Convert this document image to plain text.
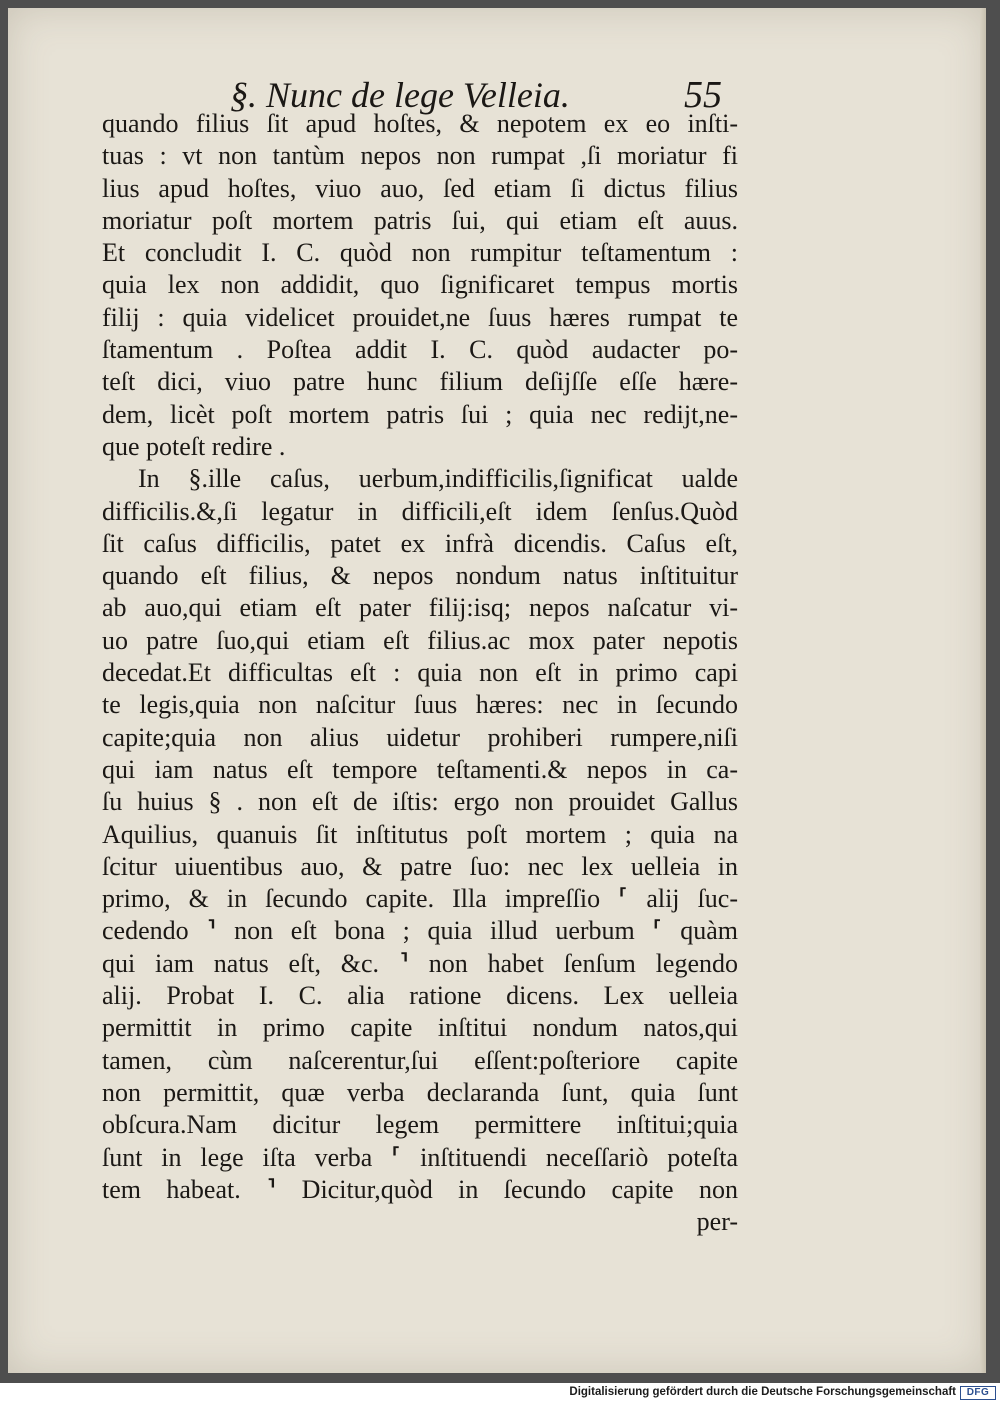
§. Nunc de lege Velleia.	55
quando filius ſit apud hoſtes, & nepotem ex eo inſti-
tuas : vt non tantùm nepos non rumpat ,ſi moriatur fi
lius apud hoſtes, viuo auo, ſed etiam ſi dictus filius
moriatur poſt mortem patris ſui, qui etiam eſt auus.
Et concludit I. C. quòd non rumpitur teſtamentum :
quia lex non addidit, quo ſignificaret tempus mortis
filij : quia videlicet prouidet,ne ſuus hæres rumpat te
ſtamentum . Poſtea addit I. C. quòd audacter po-
teſt dici, viuo patre hunc filium deſijſſe eſſe hære-
dem, licèt poſt mortem patris ſui ; quia nec redijt,ne-
que poteſt redire .
In §.ille caſus, uerbum,indifficilis,ſignificat ualde
difficilis.&,ſi legatur in difficili,eſt idem ſenſus.Quòd
ſit caſus difficilis, patet ex infrà dicendis. Caſus eſt,
quando eſt filius, & nepos nondum natus inſtituitur
ab auo,qui etiam eſt pater filij:isq; nepos naſcatur vi-
uo patre ſuo,qui etiam eſt filius.ac mox pater nepotis
decedat.Et difficultas eſt : quia non eſt in primo capi
te legis,quia non naſcitur ſuus hæres: nec in ſecundo
capite;quia non alius uidetur prohiberi rumpere,niſi
qui iam natus eſt tempore teſtamenti.& nepos in ca-
ſu huius § . non eſt de iſtis: ergo non prouidet Gallus
Aquilius, quanuis ſit inſtitutus poſt mortem ; quia na
ſcitur uiuentibus auo, & patre ſuo: nec lex uelleia in
primo, & in ſecundo capite. Illa impreſſio ⸢ alij ſuc-
cedendo ⸣ non eſt bona ; quia illud uerbum ⸢ quàm
qui iam natus eſt, &c. ⸣ non habet ſenſum legendo
alij. Probat I. C. alia ratione dicens. Lex uelleia
permittit in primo capite inſtitui nondum natos,qui
tamen, cùm naſcerentur,ſui eſſent:poſteriore capite
non permittit, quæ verba declaranda ſunt, quia ſunt
obſcura.Nam dicitur legem permittere inſtitui;quia
ſunt in lege iſta verba ⸢ inſtituendi neceſſariò poteſta
tem habeat. ⸣ Dicitur,quòd in ſecundo capite non
per-
Digitalisierung gefördert durch die Deutsche Forschungsgemeinschaft	DFG
